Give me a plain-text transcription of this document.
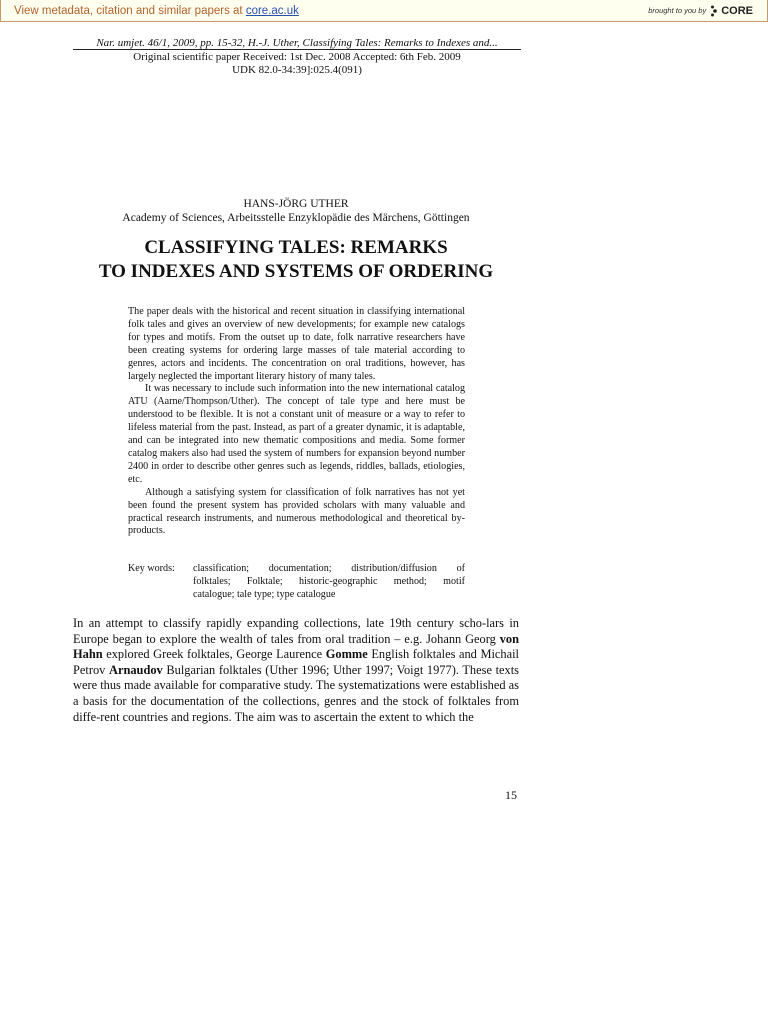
View metadata, citation and similar papers at core.ac.uk	brought to you by CORE
Nar. umjet. 46/1, 2009, pp. 15-32, H.-J. Uther, Classifying Tales: Remarks to Indexes and...
Original scientific paper Received: 1st Dec. 2008 Accepted: 6th Feb. 2009
UDK 82.0-34:39]:025.4(091)
HANS-JÖRG UTHER
Academy of Sciences, Arbeitsstelle Enzyklopädie des Märchens, Göttingen
CLASSIFYING TALES: REMARKS
TO INDEXES AND SYSTEMS OF ORDERING

The paper deals with the historical and recent situation in classifying international folk tales and gives an overview of new developments; for example new catalogs for types and motifs. From the outset up to date, folk narrative researchers have been creating systems for ordering large masses of tale material according to genres, actors and incidents. The concentration on oral traditions, however, has largely neglected the important literary history of many tales.

It was necessary to include such information into the new international catalog ATU (Aarne/Thompson/Uther). The concept of tale type and here must be understood to be flexible. It is not a constant unit of measure or a way to refer to lifeless material from the past. Instead, as part of a greater dynamic, it is adaptable, and can be integrated into new thematic compositions and media. Some former catalog makers also had used the system of numbers for expansion beyond number 2400 in order to describe other genres such as legends, riddles, ballads, etiologies, etc.

Although a satisfying system for classification of folk narratives has not yet been found the present system has provided scholars with many valuable and practical research instruments, and numerous methodological and theoretical by-products.

Key words:	classification; documentation; distribution/diffusion of
folktales; Folktale; historic-geographic method; motif
catalogue; tale type; type catalogue
In an attempt to classify rapidly expanding collections, late 19th century scho-lars in Europe began to explore the wealth of tales from oral tradition – e.g. Johann Georg von Hahn explored Greek folktales, George Laurence Gomme English folktales and Michail Petrov Arnaudov Bulgarian folktales (Uther 1996; Uther 1997; Voigt 1977). These texts were thus made available for comparative study. The systematizations were established as a basis for the documentation of the collections, genres and the stock of folktales from diffe-rent countries and regions. The aim was to ascertain the extent to which the
15
